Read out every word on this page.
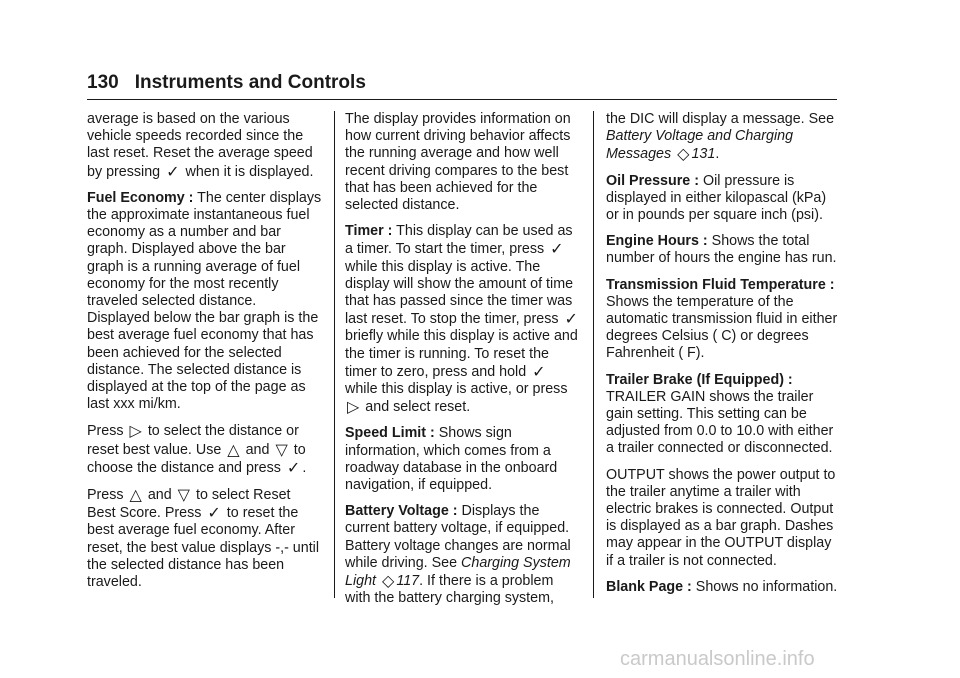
130 Instruments and Controls

average is based on the various vehicle speeds recorded since the last reset. Reset the average speed by pressing ✓ when it is displayed.

Fuel Economy : The center displays the approximate instantaneous fuel economy as a number and bar graph. Displayed above the bar graph is a running average of fuel economy for the most recently traveled selected distance. Displayed below the bar graph is the best average fuel economy that has been achieved for the selected distance. The selected distance is displayed at the top of the page as last xxx mi/km.

Press ▷ to select the distance or reset best value. Use △ and ▽ to choose the distance and press ✓ .

Press △ and ▽ to select Reset Best Score. Press ✓ to reset the best average fuel economy. After reset, the best value displays -,- until the selected distance has been traveled.

The display provides information on how current driving behavior affects the running average and how well recent driving compares to the best that has been achieved for the selected distance.

Timer : This display can be used as a timer. To start the timer, press ✓ while this display is active. The display will show the amount of time that has passed since the timer was last reset. To stop the timer, press ✓ briefly while this display is active and the timer is running. To reset the timer to zero, press and hold ✓ while this display is active, or press ▷ and select reset.

Speed Limit : Shows sign information, which comes from a roadway database in the onboard navigation, if equipped.

Battery Voltage : Displays the current battery voltage, if equipped. Battery voltage changes are normal while driving. See Charging System Light ◇ 117. If there is a problem with the battery charging system,

the DIC will display a message. See Battery Voltage and Charging Messages ◇ 131.

Oil Pressure : Oil pressure is displayed in either kilopascal (kPa) or in pounds per square inch (psi).

Engine Hours : Shows the total number of hours the engine has run.

Transmission Fluid Temperature : Shows the temperature of the automatic transmission fluid in either degrees Celsius ( C) or degrees Fahrenheit ( F).

Trailer Brake (If Equipped) :
TRAILER GAIN shows the trailer gain setting. This setting can be adjusted from 0.0 to 10.0 with either a trailer connected or disconnected.

OUTPUT shows the power output to the trailer anytime a trailer with electric brakes is connected. Output is displayed as a bar graph. Dashes may appear in the OUTPUT display if a trailer is not connected.

Blank Page : Shows no information.

carmanualsonline.info
